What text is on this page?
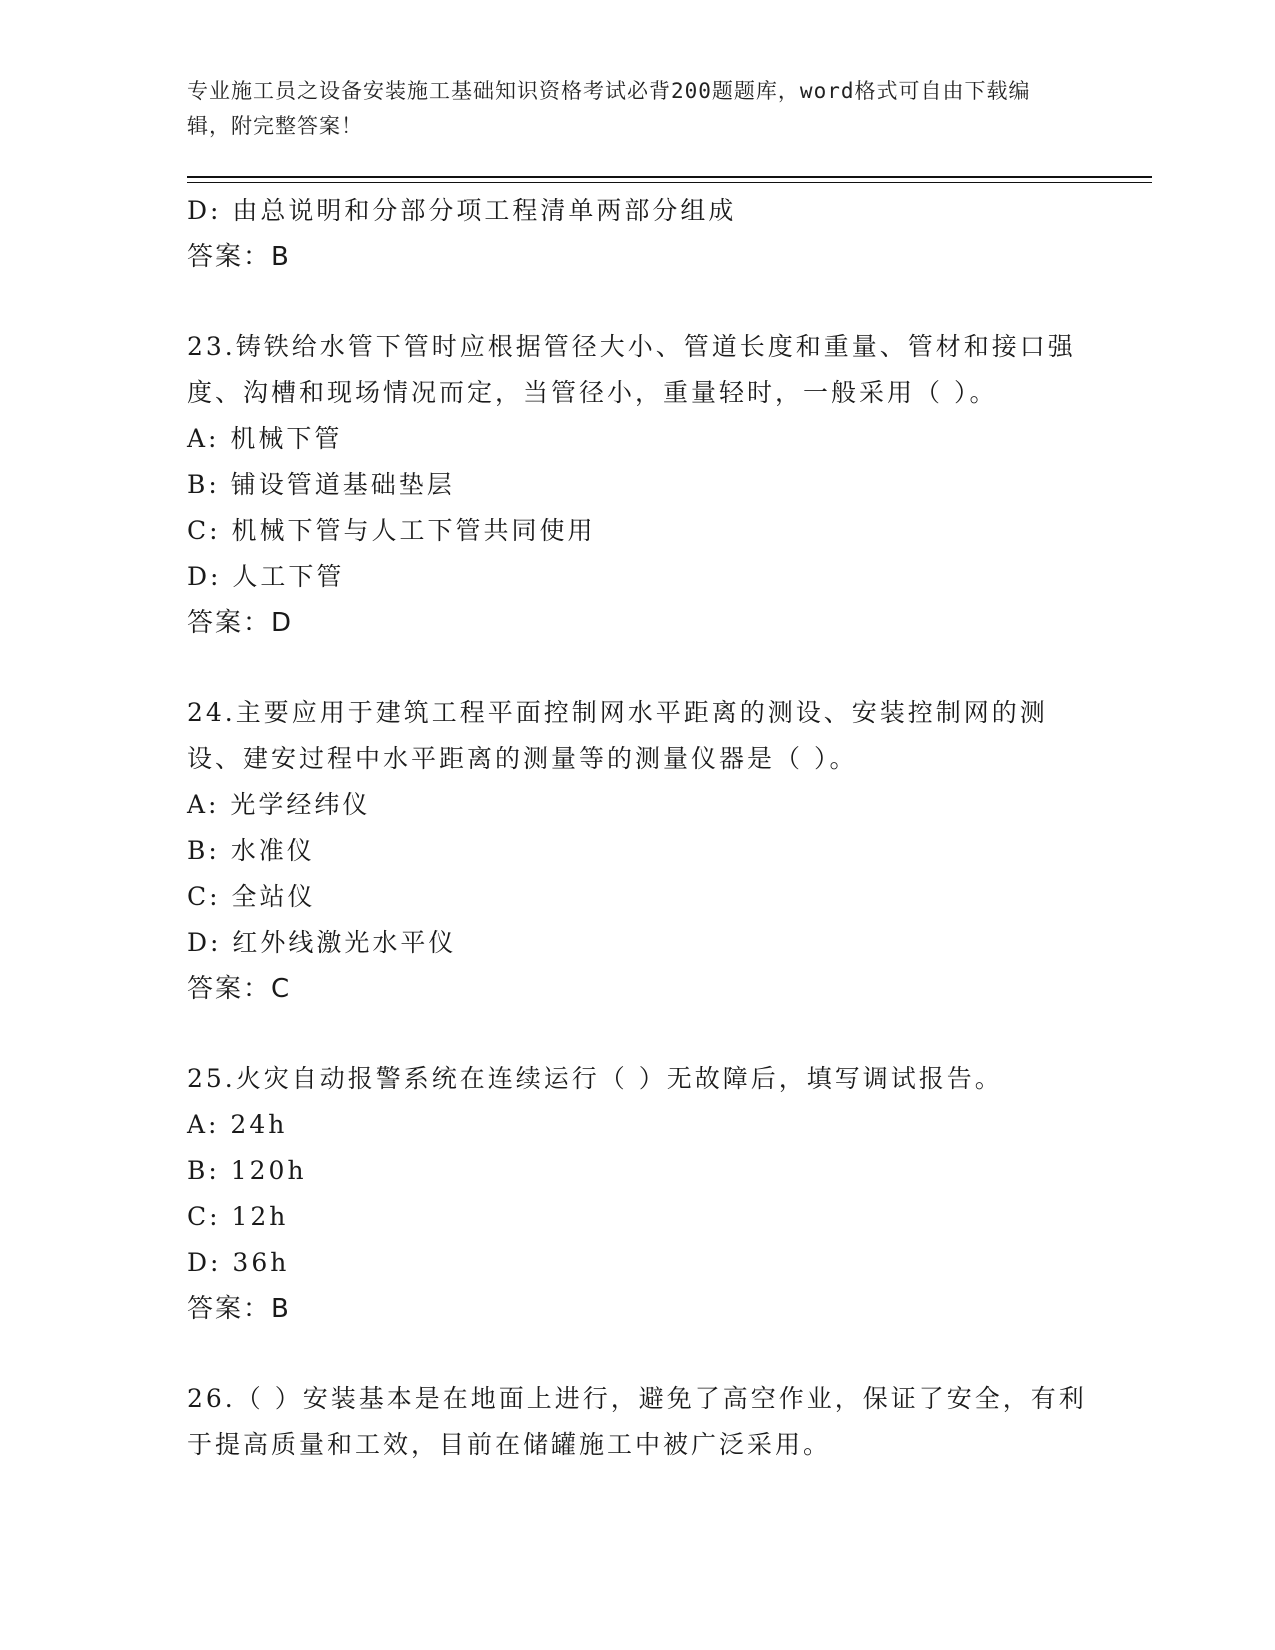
专业施工员之设备安装施工基础知识资格考试必背200题题库，word格式可自由下载编辑，附完整答案！
D: 由总说明和分部分项工程清单两部分组成
答案：B
23.铸铁给水管下管时应根据管径大小、管道长度和重量、管材和接口强度、沟槽和现场情况而定，当管径小，重量轻时，一般采用（ ）。
A: 机械下管
B: 铺设管道基础垫层
C: 机械下管与人工下管共同使用
D: 人工下管
答案：D
24.主要应用于建筑工程平面控制网水平距离的测设、安装控制网的测设、建安过程中水平距离的测量等的测量仪器是（ ）。
A: 光学经纬仪
B: 水准仪
C: 全站仪
D: 红外线激光水平仪
答案：C
25.火灾自动报警系统在连续运行（ ）无故障后，填写调试报告。
A: 24h
B: 120h
C: 12h
D: 36h
答案：B
26.（ ）安装基本是在地面上进行，避免了高空作业，保证了安全，有利于提高质量和工效，目前在储罐施工中被广泛采用。
